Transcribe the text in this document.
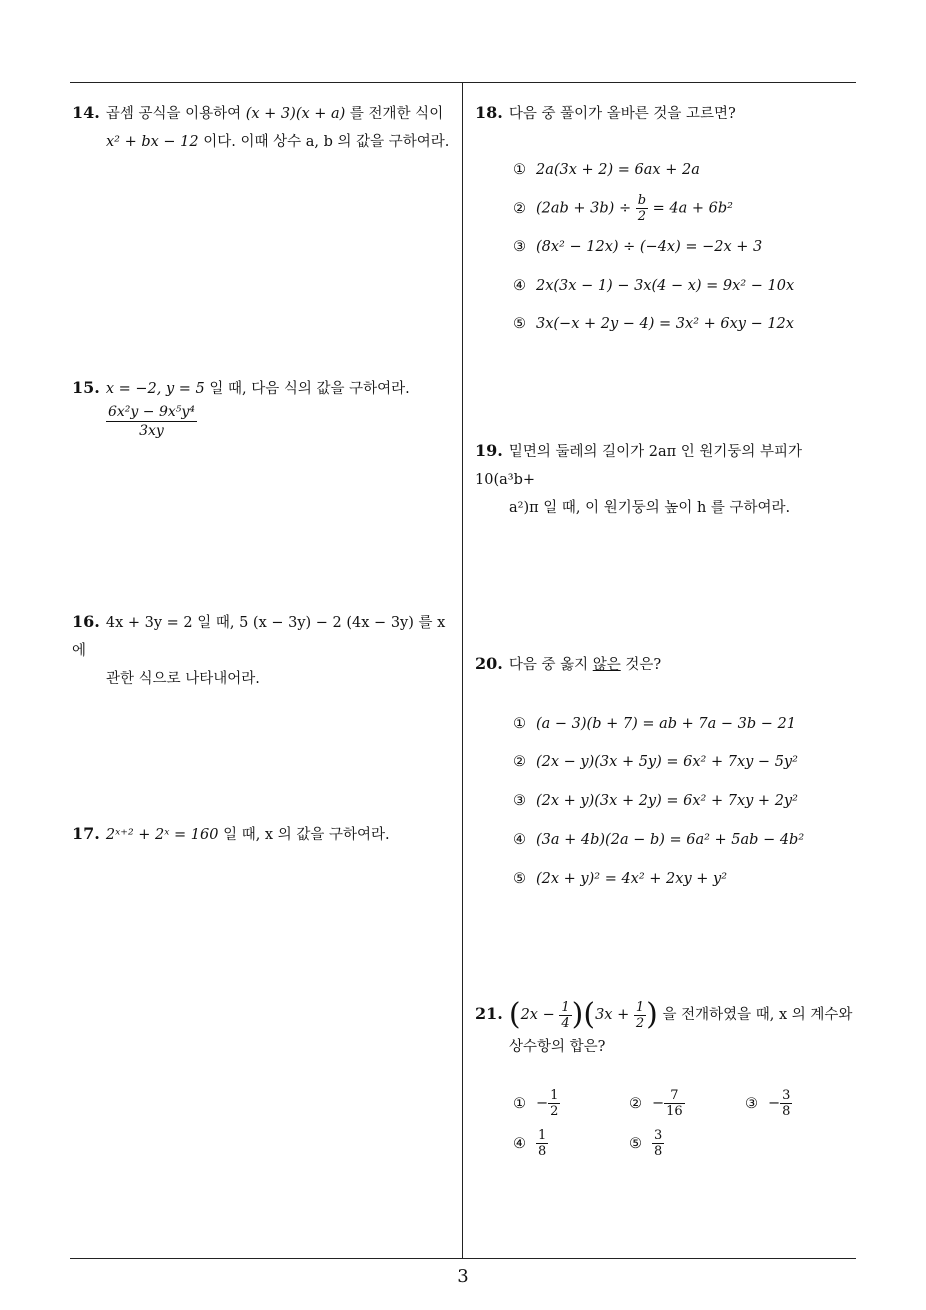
14. 곱셈 공식을 이용하여 (x + 3)(x + a) 를 전개한 식이
x² + bx − 12 이다. 이때 상수 a, b 의 값을 구하여라.
15. x = −2, y = 5 일 때, 다음 식의 값을 구하여라.
$\frac{\text{6x²y − 9x⁵y⁴}}{3xy}$
16. 4x + 3y = 2 일 때, 5 (x − 3y) − 2 (4x − 3y) 를 x 에
관한 식으로 나타내어라.
17. 2ˣ⁺² + 2ˣ = 160 일 때, x 의 값을 구하여라.
18. 다음 중 풀이가 올바른 것을 고르면?
① 2a(3x + 2) = 6ax + 2a
② $(2ab + 3b) \div \frac{b}{2} = 4a + 6b^2$
③ (8x² − 12x) ÷ (−4x) = −2x + 3
④ 2x(3x − 1) − 3x(4 − x) = 9x² − 10x
⑤ 3x(−x + 2y − 4) = 3x² + 6xy − 12x
19. 밑면의 둘레의 길이가 2aπ 인 원기둥의 부피가 10(a³b+
a²)π 일 때, 이 원기둥의 높이 h 를 구하여라.
20. 다음 중 옳지 않은 것은?
① (a − 3)(b + 7) = ab + 7a − 3b − 21
② (2x − y)(3x + 5y) = 6x² + 7xy − 5y²
③ (2x + y)(3x + 2y) = 6x² + 7xy + 2y²
④ (3a + 4b)(2a − b) = 6a² + 5ab − 4b²
⑤ (2x + y)² = 4x² + 2xy + y²
21. $(2x - \frac{1}{4} )(3x + \frac{1}{2}$ ) 을 전개하였을 때, x 의 계수와
상수항의 합은?
① − $\frac{1}{2}$	② − $\frac{7}{16}$	③ − $\frac{3}{8}$
④ $\frac{1}{8}$	⑤ $\frac{3}{8}$
3
